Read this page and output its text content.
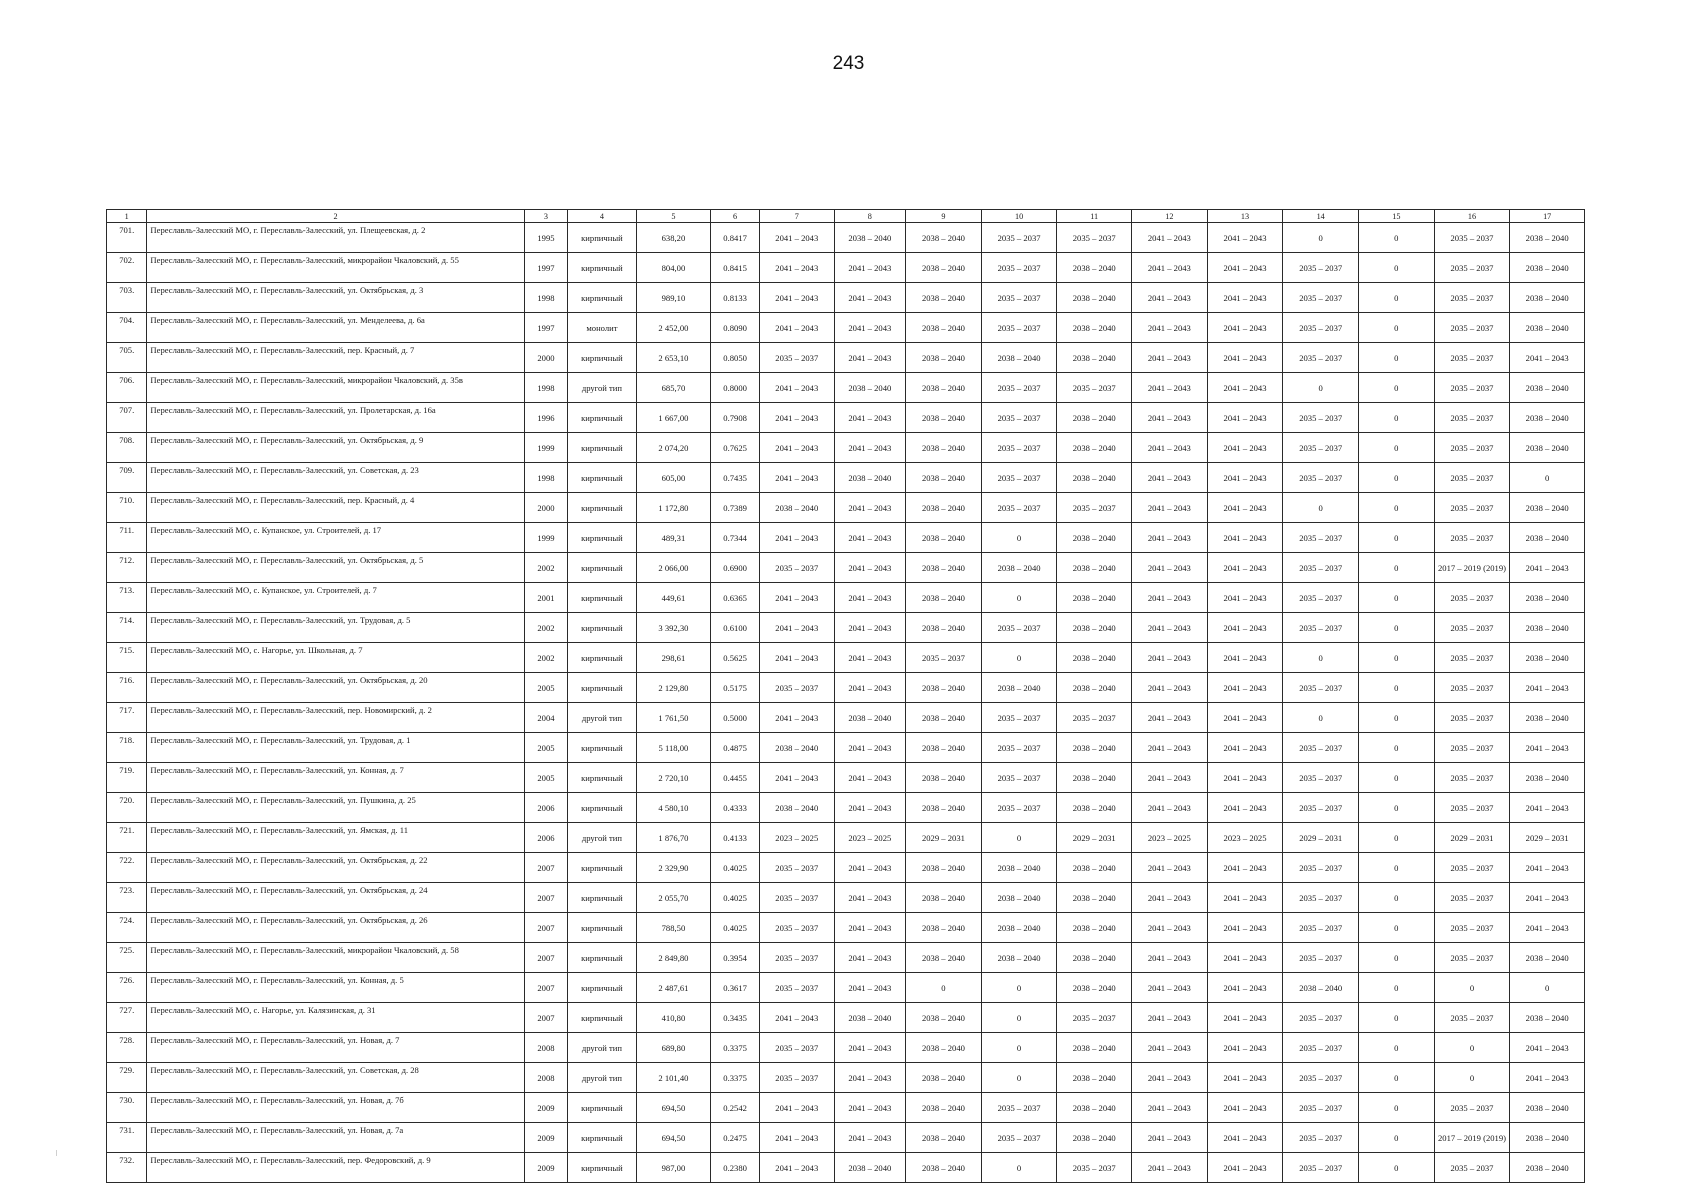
243
1	2	3	4	5	6	7	8	9	10	11	12	13	14	15	16	17
701.	Переславль-Залесский МО, г. Переславль-Залесский, ул. Плещеевская, д. 2	1995	кирпичный	638,20	0.8417	2041 – 2043	2038 – 2040	2038 – 2040	2035 – 2037	2035 – 2037	2041 – 2043	2041 – 2043	0	0	2035 – 2037	2038 – 2040
702.	Переславль-Залесский МО, г. Переславль-Залесский, микрорайон Чкаловский, д. 55	1997	кирпичный	804,00	0.8415	2041 – 2043	2041 – 2043	2038 – 2040	2035 – 2037	2038 – 2040	2041 – 2043	2041 – 2043	2035 – 2037	0	2035 – 2037	2038 – 2040
703.	Переславль-Залесский МО, г. Переславль-Залесский, ул. Октябрьская, д. 3	1998	кирпичный	989,10	0.8133	2041 – 2043	2041 – 2043	2038 – 2040	2035 – 2037	2038 – 2040	2041 – 2043	2041 – 2043	2035 – 2037	0	2035 – 2037	2038 – 2040
704.	Переславль-Залесский МО, г. Переславль-Залесский, ул. Менделеева, д. 6а	1997	монолит	2 452,00	0.8090	2041 – 2043	2041 – 2043	2038 – 2040	2035 – 2037	2038 – 2040	2041 – 2043	2041 – 2043	2035 – 2037	0	2035 – 2037	2038 – 2040
705.	Переславль-Залесский МО, г. Переславль-Залесский, пер. Красный, д. 7	2000	кирпичный	2 653,10	0.8050	2035 – 2037	2041 – 2043	2038 – 2040	2038 – 2040	2038 – 2040	2041 – 2043	2041 – 2043	2035 – 2037	0	2035 – 2037	2041 – 2043
706.	Переславль-Залесский МО, г. Переславль-Залесский, микрорайон Чкаловский, д. 35в	1998	другой тип	685,70	0.8000	2041 – 2043	2038 – 2040	2038 – 2040	2035 – 2037	2035 – 2037	2041 – 2043	2041 – 2043	0	0	2035 – 2037	2038 – 2040
707.	Переславль-Залесский МО, г. Переславль-Залесский, ул. Пролетарская, д. 16а	1996	кирпичный	1 667,00	0.7908	2041 – 2043	2041 – 2043	2038 – 2040	2035 – 2037	2038 – 2040	2041 – 2043	2041 – 2043	2035 – 2037	0	2035 – 2037	2038 – 2040
708.	Переславль-Залесский МО, г. Переславль-Залесский, ул. Октябрьская, д. 9	1999	кирпичный	2 074,20	0.7625	2041 – 2043	2041 – 2043	2038 – 2040	2035 – 2037	2038 – 2040	2041 – 2043	2041 – 2043	2035 – 2037	0	2035 – 2037	2038 – 2040
709.	Переславль-Залесский МО, г. Переславль-Залесский, ул. Советская, д. 23	1998	кирпичный	605,00	0.7435	2041 – 2043	2038 – 2040	2038 – 2040	2035 – 2037	2038 – 2040	2041 – 2043	2041 – 2043	2035 – 2037	0	2035 – 2037	0
710.	Переславль-Залесский МО, г. Переславль-Залесский, пер. Красный, д. 4	2000	кирпичный	1 172,80	0.7389	2038 – 2040	2041 – 2043	2038 – 2040	2035 – 2037	2035 – 2037	2041 – 2043	2041 – 2043	0	0	2035 – 2037	2038 – 2040
711.	Переславль-Залесский МО, с. Купанское, ул. Строителей, д. 17	1999	кирпичный	489,31	0.7344	2041 – 2043	2041 – 2043	2038 – 2040	0	2038 – 2040	2041 – 2043	2041 – 2043	2035 – 2037	0	2035 – 2037	2038 – 2040
712.	Переславль-Залесский МО, г. Переславль-Залесский, ул. Октябрьская, д. 5	2002	кирпичный	2 066,00	0.6900	2035 – 2037	2041 – 2043	2038 – 2040	2038 – 2040	2038 – 2040	2041 – 2043	2041 – 2043	2035 – 2037	0	2017 – 2019 (2019)	2041 – 2043
713.	Переславль-Залесский МО, с. Купанское, ул. Строителей, д. 7	2001	кирпичный	449,61	0.6365	2041 – 2043	2041 – 2043	2038 – 2040	0	2038 – 2040	2041 – 2043	2041 – 2043	2035 – 2037	0	2035 – 2037	2038 – 2040
714.	Переславль-Залесский МО, г. Переславль-Залесский, ул. Трудовая, д. 5	2002	кирпичный	3 392,30	0.6100	2041 – 2043	2041 – 2043	2038 – 2040	2035 – 2037	2038 – 2040	2041 – 2043	2041 – 2043	2035 – 2037	0	2035 – 2037	2038 – 2040
715.	Переславль-Залесский МО, с. Нагорье, ул. Школьная, д. 7	2002	кирпичный	298,61	0.5625	2041 – 2043	2041 – 2043	2035 – 2037	0	2038 – 2040	2041 – 2043	2041 – 2043	0	0	2035 – 2037	2038 – 2040
716.	Переславль-Залесский МО, г. Переславль-Залесский, ул. Октябрьская, д. 20	2005	кирпичный	2 129,80	0.5175	2035 – 2037	2041 – 2043	2038 – 2040	2038 – 2040	2038 – 2040	2041 – 2043	2041 – 2043	2035 – 2037	0	2035 – 2037	2041 – 2043
717.	Переславль-Залесский МО, г. Переславль-Залесский, пер. Новомирский, д. 2	2004	другой тип	1 761,50	0.5000	2041 – 2043	2038 – 2040	2038 – 2040	2035 – 2037	2035 – 2037	2041 – 2043	2041 – 2043	0	0	2035 – 2037	2038 – 2040
718.	Переславль-Залесский МО, г. Переславль-Залесский, ул. Трудовая, д. 1	2005	кирпичный	5 118,00	0.4875	2038 – 2040	2041 – 2043	2038 – 2040	2035 – 2037	2038 – 2040	2041 – 2043	2041 – 2043	2035 – 2037	0	2035 – 2037	2041 – 2043
719.	Переславль-Залесский МО, г. Переславль-Залесский, ул. Конная, д. 7	2005	кирпичный	2 720,10	0.4455	2041 – 2043	2041 – 2043	2038 – 2040	2035 – 2037	2038 – 2040	2041 – 2043	2041 – 2043	2035 – 2037	0	2035 – 2037	2038 – 2040
720.	Переславль-Залесский МО, г. Переславль-Залесский, ул. Пушкина, д. 25	2006	кирпичный	4 580,10	0.4333	2038 – 2040	2041 – 2043	2038 – 2040	2035 – 2037	2038 – 2040	2041 – 2043	2041 – 2043	2035 – 2037	0	2035 – 2037	2041 – 2043
721.	Переславль-Залесский МО, г. Переславль-Залесский, ул. Ямская, д. 11	2006	другой тип	1 876,70	0.4133	2023 – 2025	2023 – 2025	2029 – 2031	0	2029 – 2031	2023 – 2025	2023 – 2025	2029 – 2031	0	2029 – 2031	2029 – 2031
722.	Переславль-Залесский МО, г. Переславль-Залесский, ул. Октябрьская, д. 22	2007	кирпичный	2 329,90	0.4025	2035 – 2037	2041 – 2043	2038 – 2040	2038 – 2040	2038 – 2040	2041 – 2043	2041 – 2043	2035 – 2037	0	2035 – 2037	2041 – 2043
723.	Переславль-Залесский МО, г. Переславль-Залесский, ул. Октябрьская, д. 24	2007	кирпичный	2 055,70	0.4025	2035 – 2037	2041 – 2043	2038 – 2040	2038 – 2040	2038 – 2040	2041 – 2043	2041 – 2043	2035 – 2037	0	2035 – 2037	2041 – 2043
724.	Переславль-Залесский МО, г. Переславль-Залесский, ул. Октябрьская, д. 26	2007	кирпичный	788,50	0.4025	2035 – 2037	2041 – 2043	2038 – 2040	2038 – 2040	2038 – 2040	2041 – 2043	2041 – 2043	2035 – 2037	0	2035 – 2037	2041 – 2043
725.	Переславль-Залесский МО, г. Переславль-Залесский, микрорайон Чкаловский, д. 58	2007	кирпичный	2 849,80	0.3954	2035 – 2037	2041 – 2043	2038 – 2040	2038 – 2040	2038 – 2040	2041 – 2043	2041 – 2043	2035 – 2037	0	2035 – 2037	2038 – 2040
726.	Переславль-Залесский МО, г. Переславль-Залесский, ул. Конная, д. 5	2007	кирпичный	2 487,61	0.3617	2035 – 2037	2041 – 2043	0	0	2038 – 2040	2041 – 2043	2041 – 2043	2038 – 2040	0	0	0
727.	Переславль-Залесский МО, с. Нагорье, ул. Калязинская, д. 31	2007	кирпичный	410,80	0.3435	2041 – 2043	2038 – 2040	2038 – 2040	0	2035 – 2037	2041 – 2043	2041 – 2043	2035 – 2037	0	2035 – 2037	2038 – 2040
728.	Переславль-Залесский МО, г. Переславль-Залесский, ул. Новая, д. 7	2008	другой тип	689,80	0.3375	2035 – 2037	2041 – 2043	2038 – 2040	0	2038 – 2040	2041 – 2043	2041 – 2043	2035 – 2037	0	0	2041 – 2043
729.	Переславль-Залесский МО, г. Переславль-Залесский, ул. Советская, д. 28	2008	другой тип	2 101,40	0.3375	2035 – 2037	2041 – 2043	2038 – 2040	0	2038 – 2040	2041 – 2043	2041 – 2043	2035 – 2037	0	0	2041 – 2043
730.	Переславль-Залесский МО, г. Переславль-Залесский, ул. Новая, д. 7б	2009	кирпичный	694,50	0.2542	2041 – 2043	2041 – 2043	2038 – 2040	2035 – 2037	2038 – 2040	2041 – 2043	2041 – 2043	2035 – 2037	0	2035 – 2037	2038 – 2040
731.	Переславль-Залесский МО, г. Переславль-Залесский, ул. Новая, д. 7а	2009	кирпичный	694,50	0.2475	2041 – 2043	2041 – 2043	2038 – 2040	2035 – 2037	2038 – 2040	2041 – 2043	2041 – 2043	2035 – 2037	0	2017 – 2019 (2019)	2038 – 2040
732.	Переславль-Залесский МО, г. Переславль-Залесский, пер. Федоровский, д. 9	2009	кирпичный	987,00	0.2380	2041 – 2043	2038 – 2040	2038 – 2040	0	2035 – 2037	2041 – 2043	2041 – 2043	2035 – 2037	0	2035 – 2037	2038 – 2040
